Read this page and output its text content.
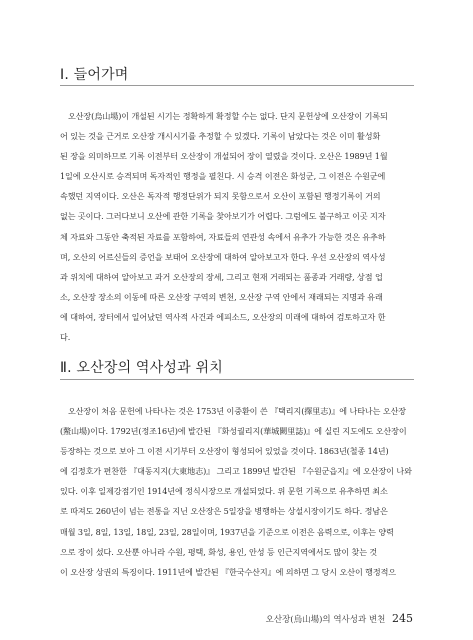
Ⅰ. 들어가며
　오산장(烏山場)이 개설된 시기는 정확하게 확정할 수는 없다. 단지 문헌상에 오산장이 기록되
어 있는 것을 근거로 오산장 개시시기를 추정할 수 있겠다. 기록이 남았다는 것은 이미 활성화
된 장을 의미하므로 기록 이전부터 오산장이 개설되어 장이 열렸을 것이다. 오산은 1989년 1월
1일에 오산시로 승격되며 독자적인 행정을 펼친다. 시 승격 이전은 화성군, 그 이전은 수원군에
속했던 지역이다. 오산은 독자적 행정단위가 되지 못함으로서 오산이 포함된 행정기록이 거의
없는 곳이다. 그러다보니 오산에 관한 기록을 찾아보기가 어렵다. 그럼에도 불구하고 이곳 지자
체 자료와 그동안 축적된 자료를 포함하여, 자료들의 연관성 속에서 유추가 가능한 것은 유추하
며, 오산의 어르신들의 증언을 보태어 오산장에 대하여 알아보고자 한다. 우선 오산장의 역사성
과 위치에 대하여 알아보고 과거 오산장의 장세, 그리고 현재 거래되는 품종과 거래량, 상점 업
소, 오산장 장소의 이동에 따른 오산장 구역의 변천, 오산장 구역 안에서 재래되는 지명과 유래
에 대하여, 장터에서 일어났던 역사적 사건과 에피소드, 오산장의 미래에 대하여 검토하고자 한
다.
Ⅱ. 오산장의 역사성과 위치
　오산장이 처음 문헌에 나타나는 것은 1753년 이중환이 쓴 『택리지(擇里志)』에 나타나는 오산장
(鰲山場)이다. 1792년(정조16년)에 발간된 『화성궐리지(華城闕里誌)』에 실린 지도에도 오산장이
등장하는 것으로 보아 그 이전 시기부터 오산장이 형성되어 있었을 것이다. 1863년(철종 14년)
에 김정호가 편찬한 『대동지지(大東地志)』 그리고 1899년 발간된 『수원군읍지』에 오산장이 나와
있다. 이후 일제강점기인 1914년에 정식시장으로 개설되었다. 위 문헌 기록으로 유추하면 최소
로 따져도 260년이 넘는 전통을 지닌 오산장은 5일장을 병행하는 상설시장이기도 하다. 정남은
매월 3일, 8일, 13일, 18일, 23일, 28일이며, 1937년을 기준으로 이전은 음력으로, 이후는 양력
으로 장이 섰다. 오산뿐 아니라 수원, 평택, 화성, 용인, 안성 등 인근지역에서도 많이 찾는 것
이 오산장 상권의 특징이다. 1911년에 발간된 『한국수산지』에 의하면 그 당시 오산이 행정적으
오산장(烏山場)의 역사성과 변천 245
